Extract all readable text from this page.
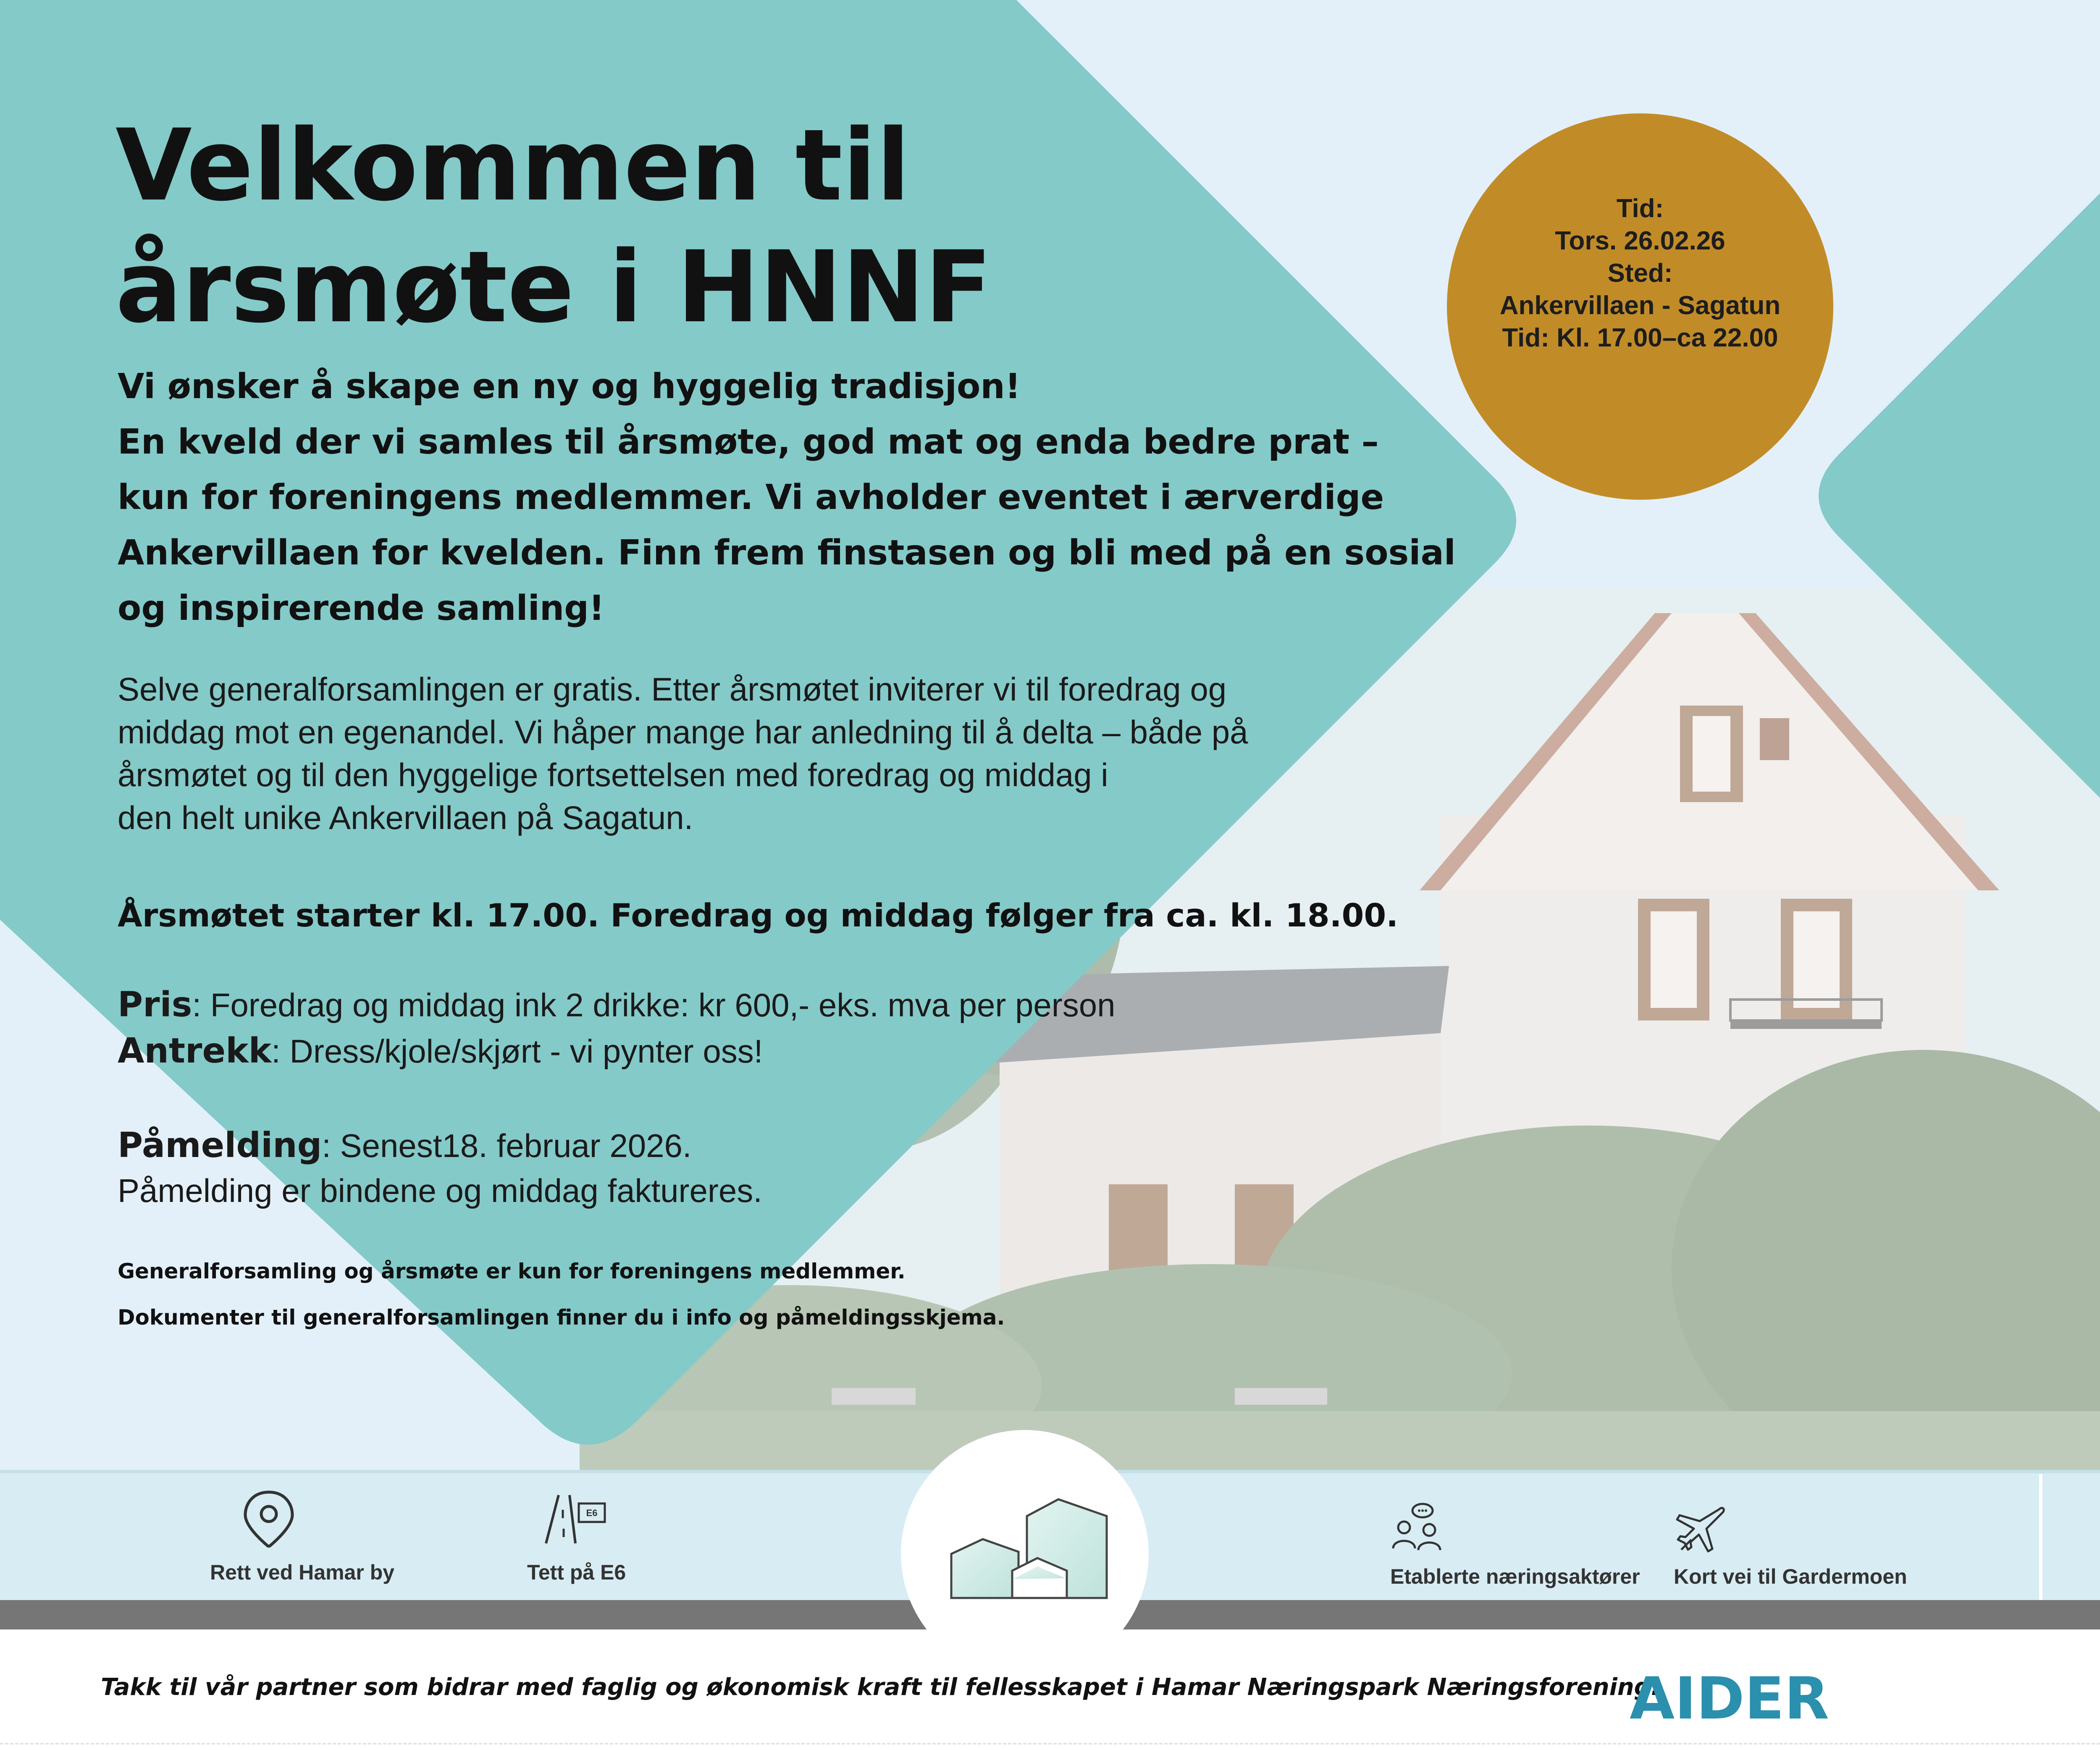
Velkommen til
årsmøte i HNNF
Vi ønsker å skape en ny og hyggelig tradisjon!
En kveld der vi samles til årsmøte, god mat og enda bedre prat –
kun for foreningens medlemmer. Vi avholder eventet i ærverdige
Ankervillaen for kvelden. Finn frem finstasen og bli med på en sosial
og inspirerende samling!
Selve generalforsamlingen er gratis. Etter årsmøtet inviterer vi til foredrag og
middag mot en egenandel. Vi håper mange har anledning til å delta – både på
årsmøtet og til den hyggelige fortsettelsen med foredrag og middag i
den helt unike Ankervillaen på Sagatun.
Årsmøtet starter kl. 17.00. Foredrag og middag følger fra ca. kl. 18.00.
Pris: Foredrag og middag ink 2 drikke: kr 600,- eks. mva per person
Antrekk: Dress/kjole/skjørt - vi pynter oss!
Påmelding: Senest18. februar 2026.
Påmelding er bindene og middag faktureres.
Generalforsamling og årsmøte er kun for foreningens medlemmer.
Dokumenter til generalforsamlingen finner du i info og påmeldingsskjema.
Tid:
Tors. 26.02.26
Sted:
Ankervillaen - Sagatun
Tid: Kl. 17.00–ca 22.00
Rett ved Hamar by
E6
Tett på E6	Etablerte næringsaktører Kort vei til Gardermoen
Takk til vår partner som bidrar med faglig og økonomisk kraft til fellesskapet i Hamar Næringspark Næringsforening:
AIDER
